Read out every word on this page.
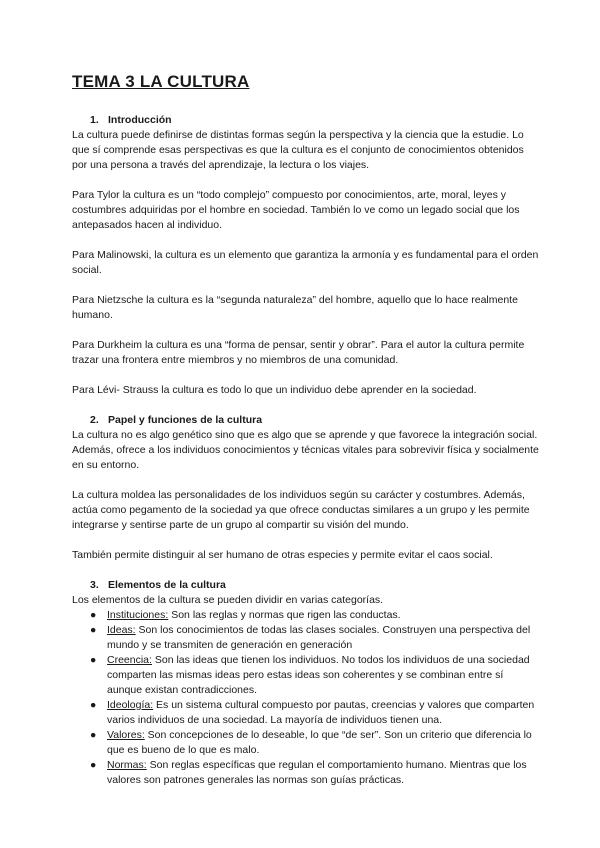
TEMA 3 LA CULTURA
1. Introducción

La cultura puede definirse de distintas formas según la perspectiva y la ciencia que la estudie. Lo que sí comprende esas perspectivas es que la cultura es el conjunto de conocimientos obtenidos por una persona a través del aprendizaje, la lectura o los viajes.

Para Tylor la cultura es un “todo complejo” compuesto por conocimientos, arte, moral, leyes y costumbres adquiridas por el hombre en sociedad. También lo ve como un legado social que los antepasados hacen al individuo.

Para Malinowski, la cultura es un elemento que garantiza la armonía y es fundamental para el orden social.

Para Nietzsche la cultura es la “segunda naturaleza” del hombre, aquello que lo hace realmente humano.

Para Durkheim la cultura es una “forma de pensar, sentir y obrar”. Para el autor la cultura permite trazar una frontera entre miembros y no miembros de una comunidad.

Para Lévi- Strauss la cultura es todo lo que un individuo debe aprender en la sociedad.

2. Papel y funciones de la cultura

La cultura no es algo genético sino que es algo que se aprende y que favorece la integración social. Además, ofrece a los individuos conocimientos y técnicas vitales para sobrevivir física y socialmente en su entorno.

La cultura moldea las personalidades de los individuos según su carácter y costumbres. Además, actúa como pegamento de la sociedad ya que ofrece conductas similares a un grupo y les permite integrarse y sentirse parte de un grupo al compartir su visión del mundo.

También permite distinguir al ser humano de otras especies y permite evitar el caos social.

3. Elementos de la cultura

Los elementos de la cultura se pueden dividir en varias categorías.

● Instituciones: Son las reglas y normas que rigen las conductas.
● Ideas: Son los conocimientos de todas las clases sociales. Construyen una perspectiva del mundo y se transmiten de generación en generación
● Creencia: Son las ideas que tienen los individuos. No todos los individuos de una sociedad comparten las mismas ideas pero estas ideas son coherentes y se combinan entre sí aunque existan contradicciones.
● Ideología: Es un sistema cultural compuesto por pautas, creencias y valores que comparten varios individuos de una sociedad. La mayoría de individuos tienen una.
● Valores: Son concepciones de lo deseable, lo que “de ser”. Son un criterio que diferencia lo que es bueno de lo que es malo.
● Normas: Son reglas específicas que regulan el comportamiento humano. Mientras que los valores son patrones generales las normas son guías prácticas.
